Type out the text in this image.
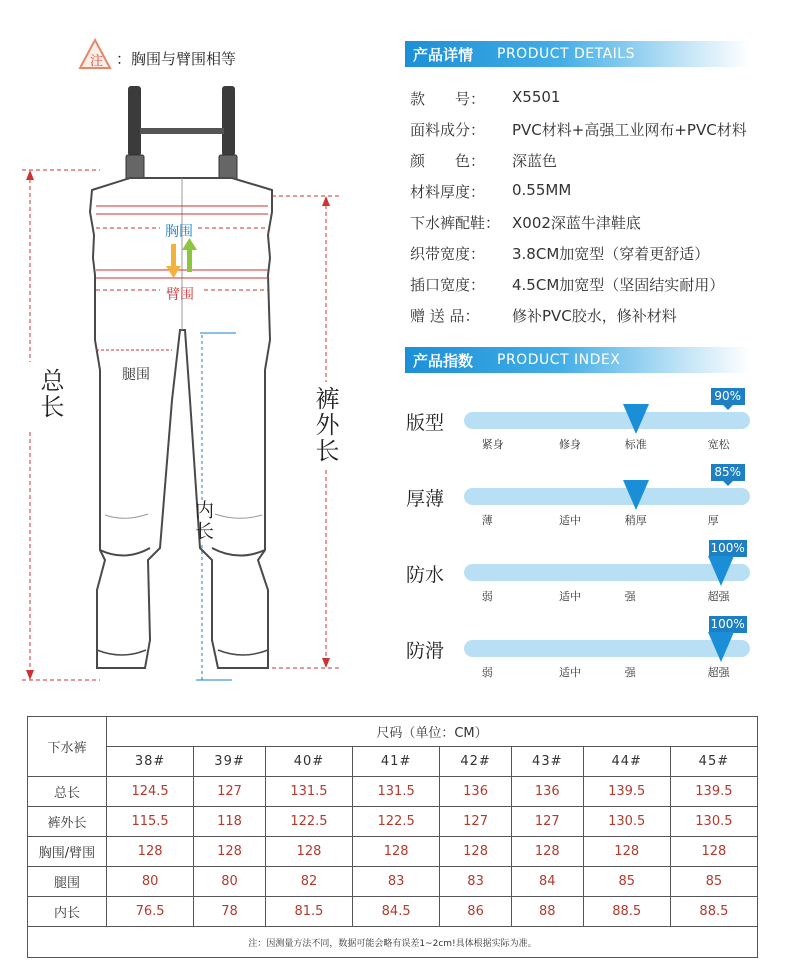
注 ：胸围与臂围相等
总长	裤外长
内长
胸围
臂围
腿围
产品详情 PRODUCT DETAILS
款　　号：	X5501
面料成分：	PVC材料+高强工业网布+PVC材料
颜　　色：	深蓝色
材料厚度：	0.55MM
下水裤配鞋： X002深蓝牛津鞋底
织带宽度：	3.8CM加宽型（穿着更舒适）
插口宽度：	4.5CM加宽型（坚固结实耐用）
赠 送 品：	修补PVC胶水，修补材料
产品指数 PRODUCT INDEX
版型
90%
紧身	修身	标准	宽松
厚薄
85%
薄	适中	稍厚	厚
防水
100%
弱	适中	强	超强
防滑
100%
弱	适中	强	超强
下水裤	尺码（单位：CM）							
	38#	39#	40#	41#	42#	43#	44#	45#
总长	124.5	127	131.5	131.5	136	136	139.5	139.5
裤外长	115.5	118	122.5	122.5	127	127	130.5	130.5
胸围/臂围	128	128	128	128	128	128	128	128
腿围	80	80	82	83	83	84	85	85
内长	76.5	78	81.5	84.5	86	88	88.5	88.5
注：因测量方法不同，数据可能会略有误差1~2cm!具体根据实际为准。								
